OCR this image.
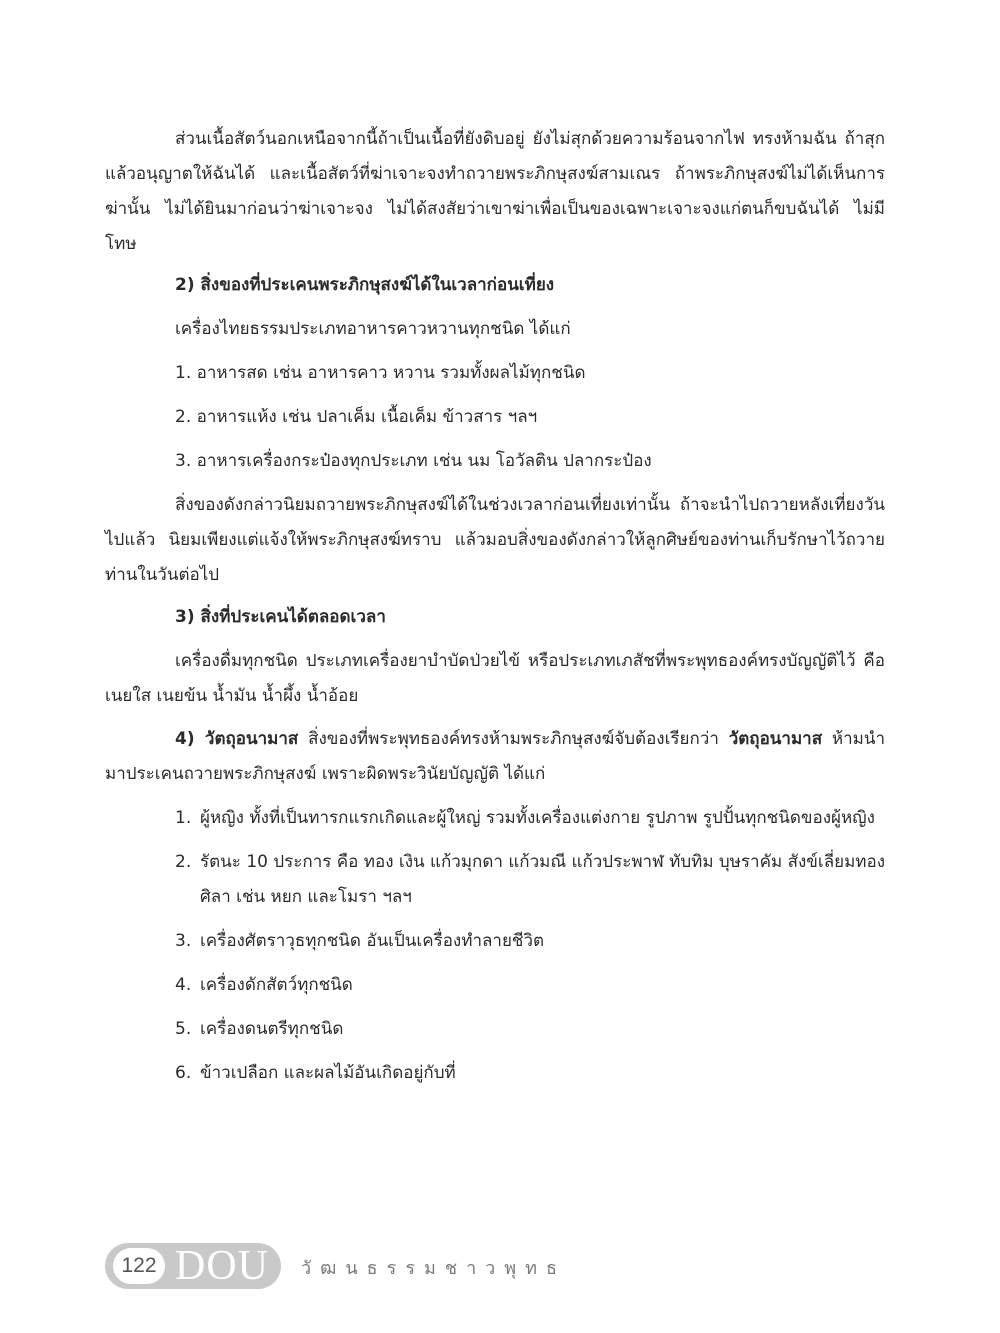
ส่วนเนื้อสัตว์นอกเหนือจากนี้ถ้าเป็นเนื้อที่ยังดิบอยู่ ยังไม่สุกด้วยความร้อนจากไฟ ทรงห้ามฉัน ถ้าสุกแล้วอนุญาตให้ฉันได้ และเนื้อสัตว์ที่ฆ่าเจาะจงทำถวายพระภิกษุสงฆ์สามเณร ถ้าพระภิกษุสงฆ์ไม่ได้เห็นการฆ่านั้น ไม่ได้ยินมาก่อนว่าฆ่าเจาะจง ไม่ได้สงสัยว่าเขาฆ่าเพื่อเป็นของเฉพาะเจาะจงแก่ตนก็ขบฉันได้ ไม่มีโทษ

2) สิ่งของที่ประเคนพระภิกษุสงฆ์ได้ในเวลาก่อนเที่ยง

เครื่องไทยธรรมประเภทอาหารคาวหวานทุกชนิด ได้แก่

1. อาหารสด เช่น อาหารคาว หวาน รวมทั้งผลไม้ทุกชนิด

2. อาหารแห้ง เช่น ปลาเค็ม เนื้อเค็ม ข้าวสาร ฯลฯ

3. อาหารเครื่องกระป๋องทุกประเภท เช่น นม โอวัลติน ปลากระป๋อง

สิ่งของดังกล่าวนิยมถวายพระภิกษุสงฆ์ได้ในช่วงเวลาก่อนเที่ยงเท่านั้น ถ้าจะนำไปถวายหลังเที่ยงวันไปแล้ว นิยมเพียงแต่แจ้งให้พระภิกษุสงฆ์ทราบ แล้วมอบสิ่งของดังกล่าวให้ลูกศิษย์ของท่านเก็บรักษาไว้ถวายท่านในวันต่อไป

3) สิ่งที่ประเคนได้ตลอดเวลา

เครื่องดื่มทุกชนิด ประเภทเครื่องยาบำบัดป่วยไข้ หรือประเภทเภสัชที่พระพุทธองค์ทรงบัญญัติไว้ คือ เนยใส เนยข้น น้ำมัน น้ำผึ้ง น้ำอ้อย

4) วัตถุอนามาส สิ่งของที่พระพุทธองค์ทรงห้ามพระภิกษุสงฆ์จับต้องเรียกว่า วัตถุอนามาส ห้ามนำมาประเคนถวายพระภิกษุสงฆ์ เพราะผิดพระวินัยบัญญัติ ได้แก่

1. ผู้หญิง ทั้งที่เป็นทารกแรกเกิดและผู้ใหญ่ รวมทั้งเครื่องแต่งกาย รูปภาพ รูปปั้นทุกชนิดของผู้หญิง

2. รัตนะ 10 ประการ คือ ทอง เงิน แก้วมุกดา แก้วมณี แก้วประพาฬ ทับทิม บุษราคัม สังข์เลี่ยมทอง ศิลา เช่น หยก และโมรา ฯลฯ

3. เครื่องศัตราวุธทุกชนิด อันเป็นเครื่องทำลายชีวิต

4. เครื่องดักสัตว์ทุกชนิด

5. เครื่องดนตรีทุกชนิด

6. ข้าวเปลือก และผลไม้อันเกิดอยู่กับที่

122 DOU วัฒนธรรมชาวพุทธ
